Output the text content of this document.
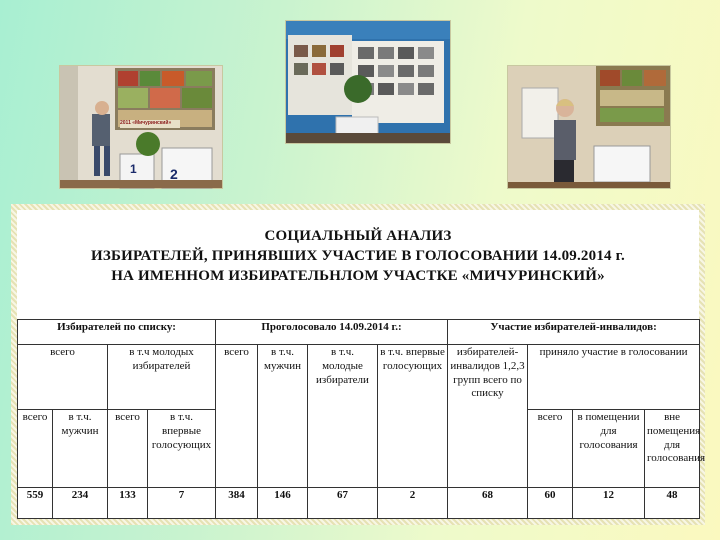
2011 «Мичуринский»
1 2
СОЦИАЛЬНЫЙ АНАЛИЗ
ИЗБИРАТЕЛЕЙ, ПРИНЯВШИХ УЧАСТИЕ В ГОЛОСОВАНИИ 14.09.2014 г.
НА ИМЕННОМ ИЗБИРАТЕЛЬНЛОМ УЧАСТКЕ «МИЧУРИНСКИЙ»
Избирателей по списку:				Проголосовало 14.09.2014 г.:				Участие избирателей-инвалидов:			
всего		в т.ч молодых избирателей		всего	в т.ч. мужчин	в т.ч. молодые избиратели	в т.ч. впервые голосующих	избирателей-инвалидов 1,2,3 групп всего по списку	приняло участие в голосовании		
всего	в т.ч. мужчин	всего	в т.ч. впервые голосующих						всего	в помещении для голосования	вне помещения для голосования
559	234	133	7	384	146	67	2	68	60	12	48
